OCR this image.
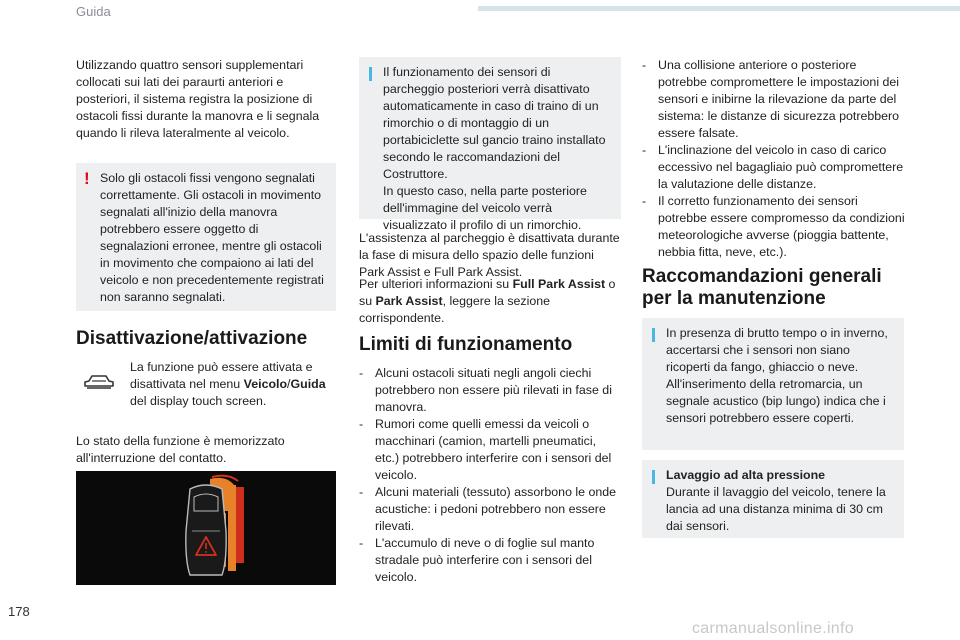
Guida

Utilizzando quattro sensori supplementari collocati sui lati dei paraurti anteriori e posteriori, il sistema registra la posizione di ostacoli fissi durante la manovra e li segnala quando li rileva lateralmente al veicolo.

! Solo gli ostacoli fissi vengono segnalati correttamente. Gli ostacoli in movimento segnalati all'inizio della manovra potrebbero essere oggetto di segnalazioni erronee, mentre gli ostacoli in movimento che compaiono ai lati del veicolo e non precedentemente registrati non saranno segnalati.
Disattivazione/attivazione

La funzione può essere attivata e disattivata nel menu Veicolo/Guida del display touch screen.

Lo stato della funzione è memorizzato all'interruzione del contatto.

Il funzionamento dei sensori di parcheggio posteriori verrà disattivato automaticamente in caso di traino di un rimorchio o di montaggio di un portabiciclette sul gancio traino installato secondo le raccomandazioni del Costruttore.
In questo caso, nella parte posteriore dell'immagine del veicolo verrà visualizzato il profilo di un rimorchio.

L'assistenza al parcheggio è disattivata durante la fase di misura dello spazio delle funzioni Park Assist e Full Park Assist.

Per ulteriori informazioni su Full Park Assist o su Park Assist, leggere la sezione corrispondente.

Limiti di funzionamento
- Alcuni ostacoli situati negli angoli ciechi potrebbero non essere più rilevati in fase di manovra.
- Rumori come quelli emessi da veicoli o macchinari (camion, martelli pneumatici, etc.) potrebbero interferire con i sensori del veicolo.
- Alcuni materiali (tessuto) assorbono le onde acustiche: i pedoni potrebbero non essere rilevati.
- L'accumulo di neve o di foglie sul manto stradale può interferire con i sensori del veicolo.
- Una collisione anteriore o posteriore potrebbe compromettere le impostazioni dei sensori e inibirne la rilevazione da parte del sistema: le distanze di sicurezza potrebbero essere falsate.
- L'inclinazione del veicolo in caso di carico eccessivo nel bagagliaio può compromettere la valutazione delle distanze.
- Il corretto funzionamento dei sensori potrebbe essere compromesso da condizioni meteorologiche avverse (pioggia battente, nebbia fitta, neve, etc.).
Raccomandazioni generali
per la manutenzione
In presenza di brutto tempo o in inverno, accertarsi che i sensori non siano ricoperti da fango, ghiaccio o neve. All'inserimento della retromarcia, un segnale acustico (bip lungo) indica che i sensori potrebbero essere coperti.
Lavaggio ad alta pressione
Durante il lavaggio del veicolo, tenere la lancia ad una distanza minima di 30 cm dai sensori.
178
carmanualsonline.info
